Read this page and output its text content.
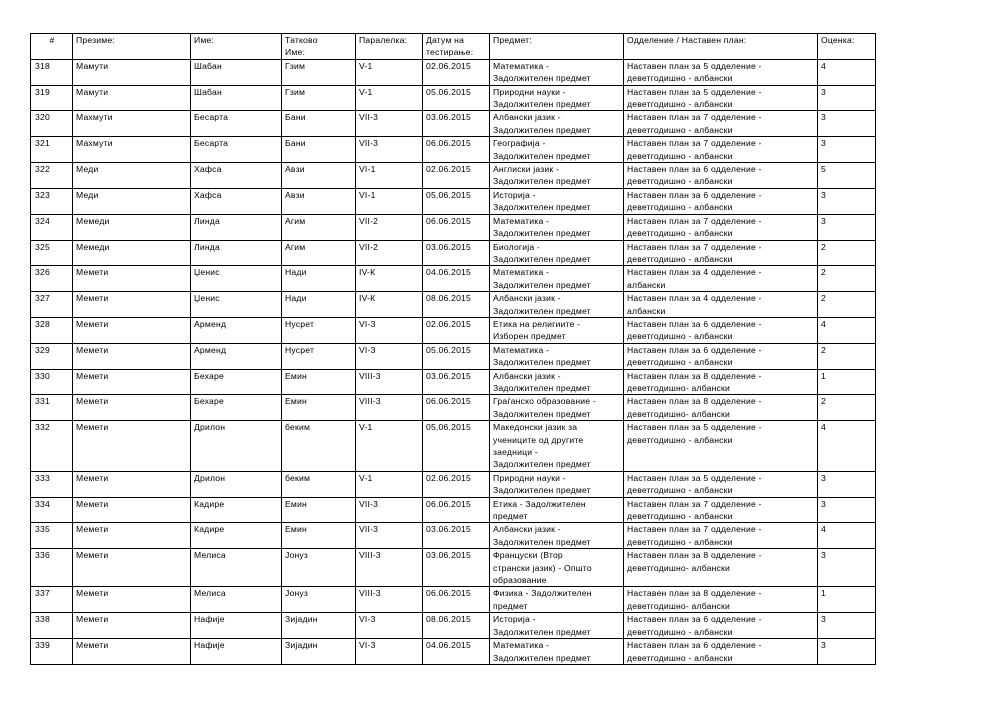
#	Презиме:	Име:	Татково
Име:	Паралелка:	Датум на
тестирање:	Предмет:	Одделение / Наставен план:	Оценка:
318	Мамути	Шабан	Гзим	V-1	02.06.2015	Математика -
Задолжителен предмет	Наставен план за 5 одделение -
деветгодишно - албански	4
319	Мамути	Шабан	Гзим	V-1	05.06.2015	Природни науки -
Задолжителен предмет	Наставен план за 5 одделение -
деветгодишно - албански	3
320	Махмути	Бесарта	Бани	VII-3	03.06.2015	Албански јазик -
Задолжителен предмет	Наставен план за 7 одделение -
деветгодишно - албански	3
321	Махмути	Бесарта	Бани	VII-3	06.06.2015	Географија -
Задолжителен предмет	Наставен план за 7 одделение -
деветгодишно - албански	3
322	Меди	Хафса	Авзи	VI-1	02.06.2015	Англиски јазик -
Задолжителен предмет	Наставен план за 6 одделение -
деветгодишно - албански	5
323	Меди	Хафса	Авзи	VI-1	05.06.2015	Историја -
Задолжителен предмет	Наставен план за 6 одделение -
деветгодишно - албански	3
324	Мемеди	Линда	Агим	VII-2	06.06.2015	Математика -
Задолжителен предмет	Наставен план за 7 одделение -
деветгодишно - албански	3
325	Мемеди	Линда	Агим	VII-2	03.06.2015	Биологија -
Задолжителен предмет	Наставен план за 7 одделение -
деветгодишно - албански	2
326	Мемети	Џенис	Нади	IV-К	04.06.2015	Математика -
Задолжителен предмет	Наставен план за 4 одделение -
албански	2
327	Мемети	Џенис	Нади	IV-К	08.06.2015	Албански јазик -
Задолжителен предмет	Наставен план за 4 одделение -
албански	2
328	Мемети	Арменд	Нусрет	VI-3	02.06.2015	Етика на религиите -
Изборен предмет	Наставен план за 6 одделение -
деветгодишно - албански	4
329	Мемети	Арменд	Нусрет	VI-3	05.06.2015	Математика -
Задолжителен предмет	Наставен план за 6 одделение -
деветгодишно - албански	2
330	Мемети	Бехаре	Емин	VIII-3	03.06.2015	Албански јазик -
Задолжителен предмет	Наставен план за 8 одделение -
деветгодишно- албански	1
331	Мемети	Бехаре	Емин	VIII-3	06.06.2015	Граѓанско образование -
Задолжителен предмет	Наставен план за 8 одделение -
деветгодишно- албански	2
332	Мемети	Дрилон	беким	V-1	05.06.2015	Македонски јазик за
учениците од другите
заедници -
Задолжителен предмет	Наставен план за 5 одделение -
деветгодишно - албански	4
333	Мемети	Дрилон	беким	V-1	02.06.2015	Природни науки -
Задолжителен предмет	Наставен план за 5 одделение -
деветгодишно - албански	3
334	Мемети	Кадире	Емин	VII-3	06.06.2015	Етика - Задолжителен
предмет	Наставен план за 7 одделение -
деветгодишно - албански	3
335	Мемети	Кадире	Емин	VII-3	03.06.2015	Албански јазик -
Задолжителен предмет	Наставен план за 7 одделение -
деветгодишно - албански	4
336	Мемети	Мелиса	Јонуз	VIII-3	03.06.2015	Француски (Втор
странски јазик) - Општо
образование	Наставен план за 8 одделение -
деветгодишно- албански	3
337	Мемети	Мелиса	Јонуз	VIII-3	06.06.2015	Физика - Задолжителен
предмет	Наставен план за 8 одделение -
деветгодишно- албански	1
338	Мемети	Нафије	Зијадин	VI-3	08.06.2015	Историја -
Задолжителен предмет	Наставен план за 6 одделение -
деветгодишно - албански	3
339	Мемети	Нафије	Зијадин	VI-3	04.06.2015	Математика -
Задолжителен предмет	Наставен план за 6 одделение -
деветгодишно - албански	3
